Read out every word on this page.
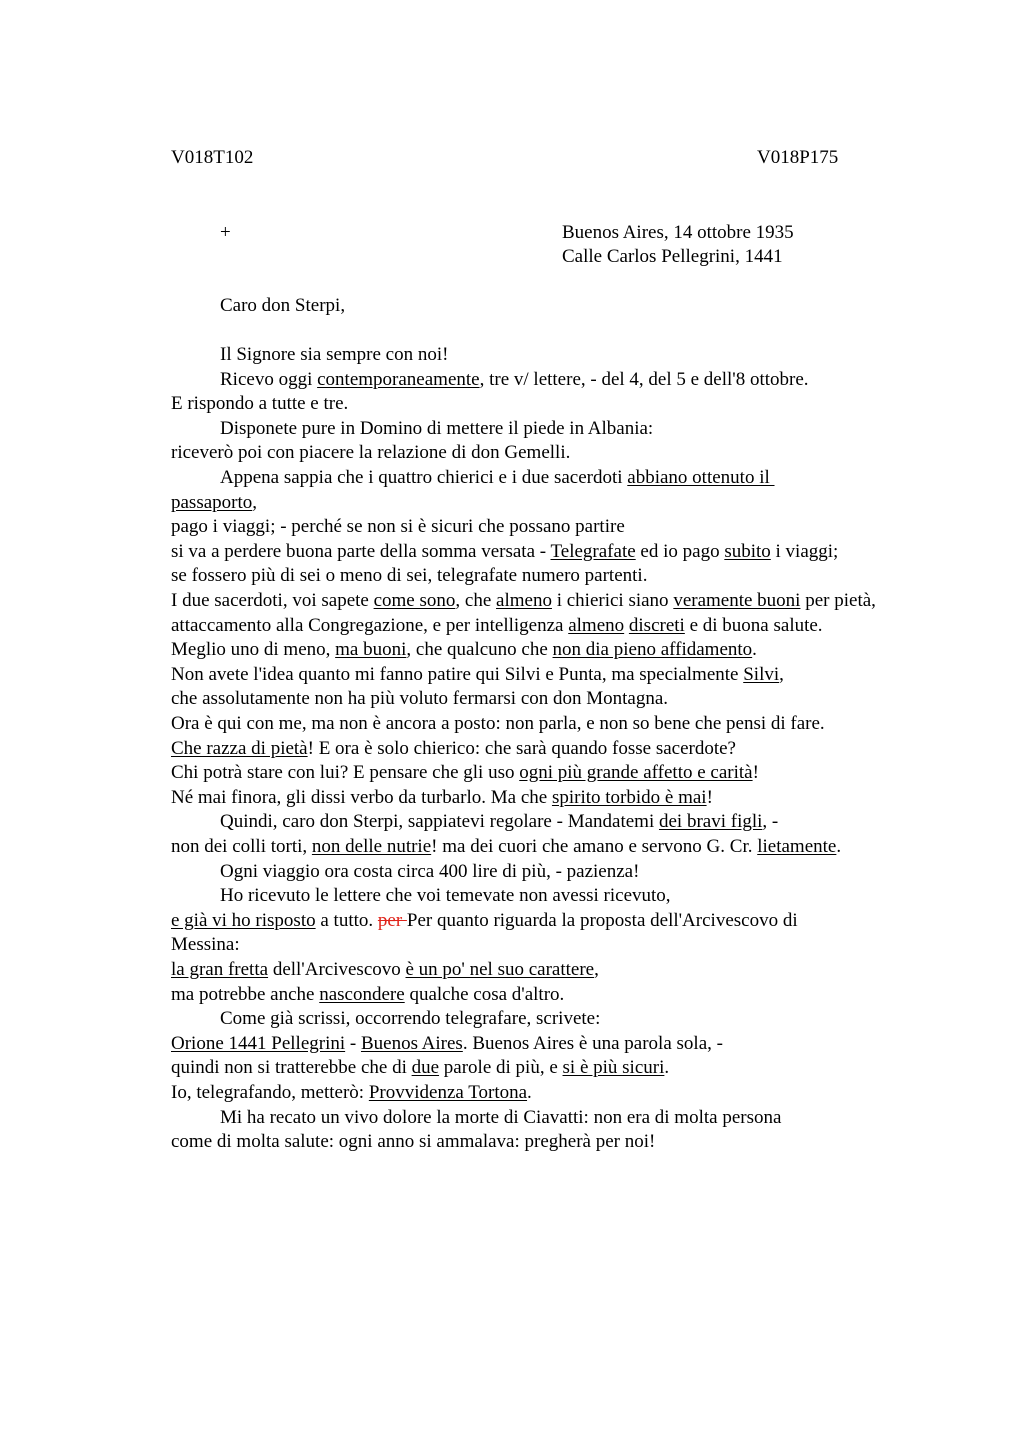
V018T102	V018P175
+	Buenos Aires, 14 ottobre 1935
Calle Carlos Pellegrini, 1441
Caro don Sterpi,
Il Signore sia sempre con noi!
Ricevo oggi contemporaneamente, tre v/ lettere, - del 4, del 5 e dell'8 ottobre.
E rispondo a tutte e tre.
Disponete pure in Domino di mettere il piede in Albania:
riceverò poi con piacere la relazione di don Gemelli.
Appena sappia che i quattro chierici e i due sacerdoti abbiano ottenuto il
passaporto,
pago i viaggi; - perché se non si è sicuri che possano partire
si va a perdere buona parte della somma versata - Telegrafate ed io pago subito i viaggi;
se fossero più di sei o meno di sei, telegrafate numero partenti.
I due sacerdoti, voi sapete come sono, che almeno i chierici siano veramente buoni per pietà,
attaccamento alla Congregazione, e per intelligenza almeno discreti e di buona salute.
Meglio uno di meno, ma buoni, che qualcuno che non dia pieno affidamento.
Non avete l'idea quanto mi fanno patire qui Silvi e Punta, ma specialmente Silvi,
che assolutamente non ha più voluto fermarsi con don Montagna.
Ora è qui con me, ma non è ancora a posto: non parla, e non so bene che pensi di fare.
Che razza di pietà! E ora è solo chierico: che sarà quando fosse sacerdote?
Chi potrà stare con lui? E pensare che gli uso ogni più grande affetto e carità!
Né mai finora, gli dissi verbo da turbarlo. Ma che spirito torbido è mai!
Quindi, caro don Sterpi, sappiatevi regolare - Mandatemi dei bravi figli, -
non dei colli torti, non delle nutrie! ma dei cuori che amano e servono G. Cr. lietamente.
Ogni viaggio ora costa circa 400 lire di più, - pazienza!
Ho ricevuto le lettere che voi temevate non avessi ricevuto,
e già vi ho risposto a tutto. per Per quanto riguarda la proposta dell'Arcivescovo di
Messina:
la gran fretta dell'Arcivescovo è un po' nel suo carattere,
ma potrebbe anche nascondere qualche cosa d'altro.
Come già scrissi, occorrendo telegrafare, scrivete:
Orione 1441 Pellegrini - Buenos Aires. Buenos Aires è una parola sola, -
quindi non si tratterebbe che di due parole di più, e si è più sicuri.
Io, telegrafando, metterò: Provvidenza Tortona.
Mi ha recato un vivo dolore la morte di Ciavatti: non era di molta persona
come di molta salute: ogni anno si ammalava: pregherà per noi!
